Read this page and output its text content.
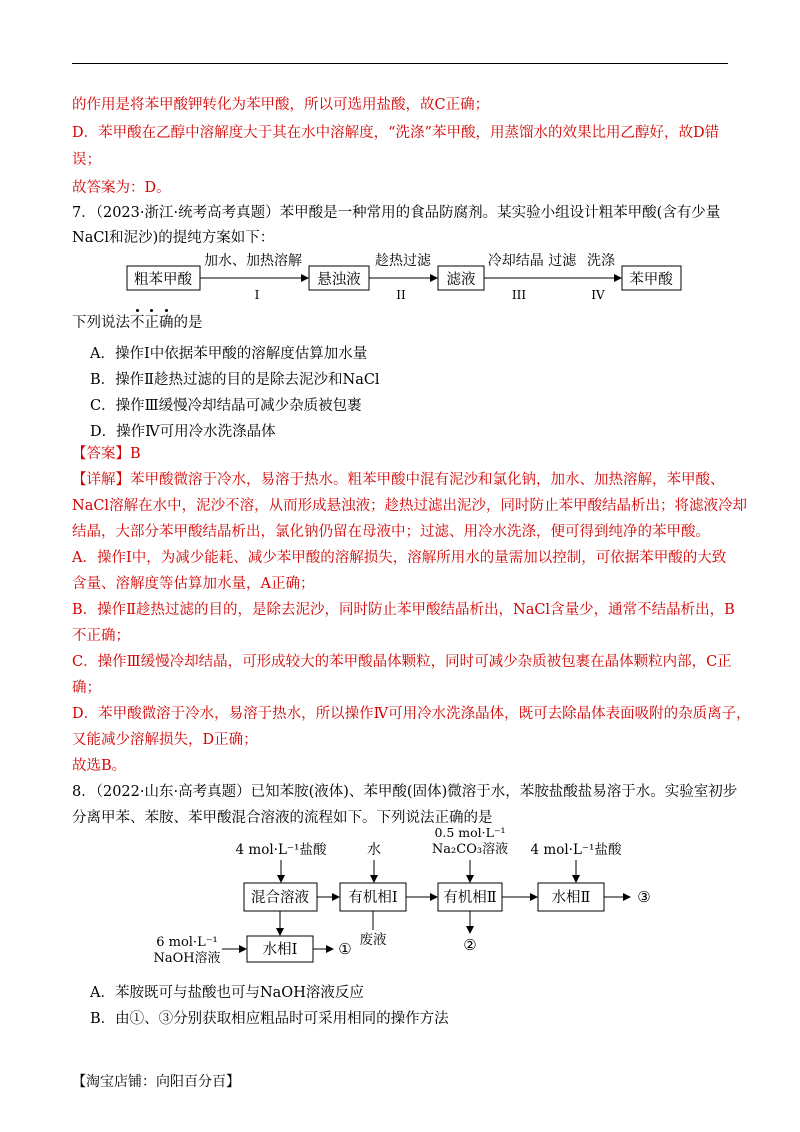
的作用是将苯甲酸钾转化为苯甲酸，所以可选用盐酸，故C正确；
D．苯甲酸在乙醇中溶解度大于其在水中溶解度，“洗涤”苯甲酸，用蒸馏水的效果比用乙醇好，故D错
误；
故答案为：D。
7．（2023·浙江·统考高考真题）苯甲酸是一种常用的食品防腐剂。某实验小组设计粗苯甲酸(含有少量
NaCl和泥沙)的提纯方案如下：
粗苯甲酸	悬浊液	滤液	苯甲酸
加水、加热溶解	趁热过滤	冷却结晶 过滤 洗涤
I	II	III	IV
4 mol·L⁻¹盐酸	水
0.5 mol·L⁻¹
Na₂CO₃溶液 4 mol·L⁻¹盐酸
混合溶液	有机相Ⅰ	有机相Ⅱ	水相Ⅱ	③
废液	②
水相Ⅰ	①
6 mol·L⁻¹
NaOH溶液
下列说法不
正
确
的是
A．操作Ⅰ中依据苯甲酸的溶解度估算加水量
B．操作Ⅱ趁热过滤的目的是除去泥沙和NaCl
C．操作Ⅲ缓慢冷却结晶可减少杂质被包裹
D．操作Ⅳ可用冷水洗涤晶体
【答案】B
【详解】苯甲酸微溶于冷水，易溶于热水。粗苯甲酸中混有泥沙和氯化钠，加水、加热溶解，苯甲酸、
NaCl溶解在水中，泥沙不溶，从而形成悬浊液；趁热过滤出泥沙，同时防止苯甲酸结晶析出；将滤液冷却
结晶，大部分苯甲酸结晶析出，氯化钠仍留在母液中；过滤、用冷水洗涤，便可得到纯净的苯甲酸。
A．操作Ⅰ中，为减少能耗、减少苯甲酸的溶解损失，溶解所用水的量需加以控制，可依据苯甲酸的大致
含量、溶解度等估算加水量，A正确；
B．操作Ⅱ趁热过滤的目的，是除去泥沙，同时防止苯甲酸结晶析出，NaCl含量少，通常不结晶析出，B
不正确；
C．操作Ⅲ缓慢冷却结晶，可形成较大的苯甲酸晶体颗粒，同时可减少杂质被包裹在晶体颗粒内部，C正
确；
D．苯甲酸微溶于冷水，易溶于热水，所以操作Ⅳ可用冷水洗涤晶体，既可去除晶体表面吸附的杂质离子，
又能减少溶解损失，D正确；
故选B。
8．（2022·山东·高考真题）已知苯胺(液体)、苯甲酸(固体)微溶于水，苯胺盐酸盐易溶于水。实验室初步
分离甲苯、苯胺、苯甲酸混合溶液的流程如下。下列说法正确的是
A．苯胺既可与盐酸也可与NaOH溶液反应
B．由①、③分别获取相应粗品时可采用相同的操作方法
【淘宝店铺：向阳百分百】
